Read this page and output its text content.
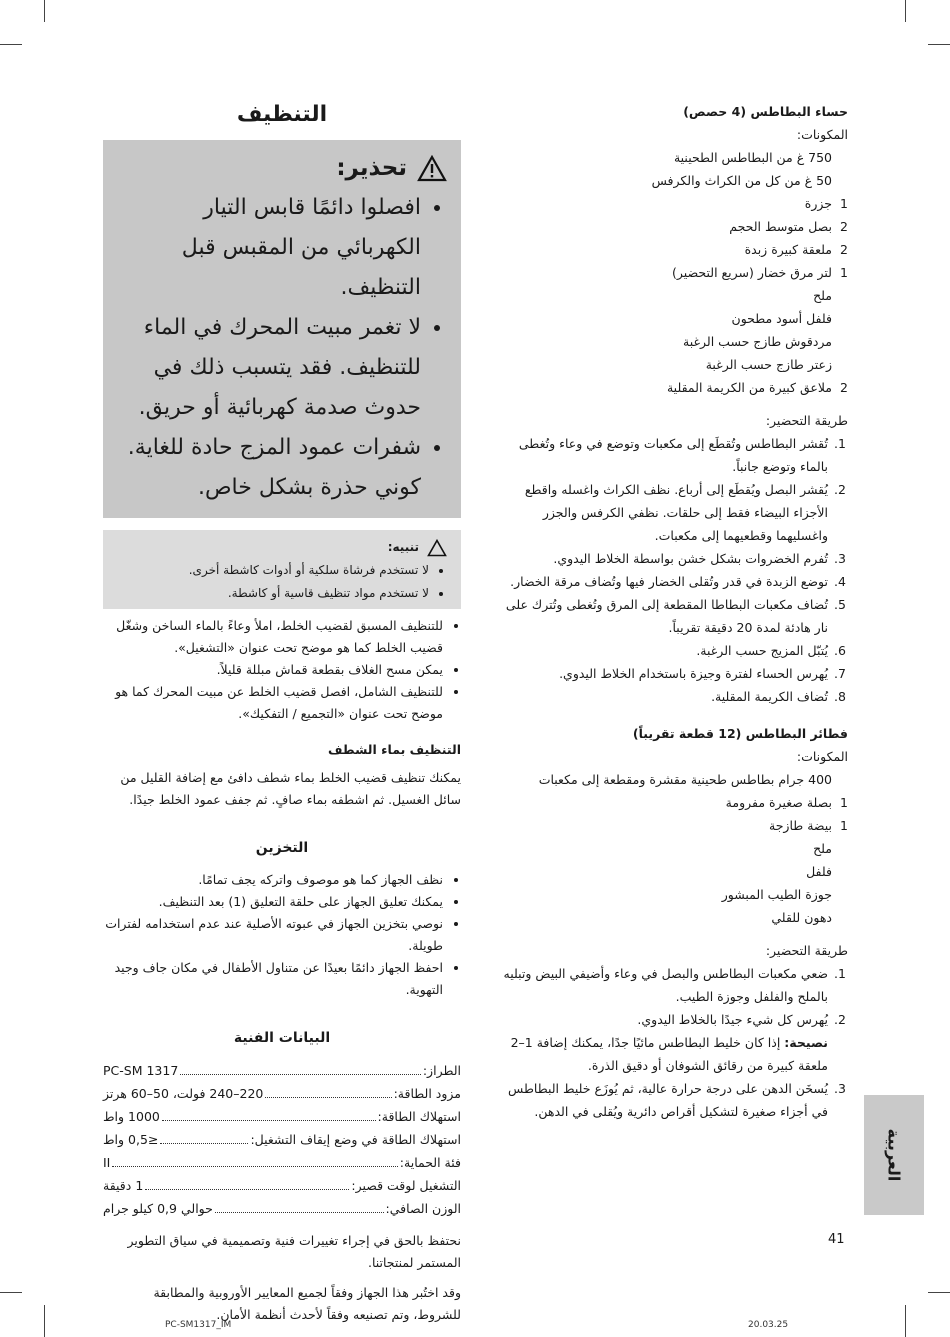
حساء البطاطس (4 حصص)

المكونات:

750 غ من البطاطس الطحينية
50 غ من كل من الكراث والكرفس
1
جزرة
2
بصل متوسط الحجم
2
ملعقة كبيرة زبدة
1
لتر مرق خضار (سريع التحضير)
ملح
فلفل أسود مطحون
مردقوش طازج حسب الرغبة
زعتر طازج حسب الرغبة
2
ملاعق كبيرة من الكريمة المقلية

طريقة التحضير:

1. تُقشر البطاطس وتُقطَع إلى مكعبات وتوضع في وعاء وتُغطى بالماء وتوضع جانباً.
2. يُقشر البصل ويُقطَع إلى أرباع. نظف الكراث واغسله واقطع الأجزاء البيضاء فقط إلى حلقات. نظفي الكرفس والجزر واغسليهما وقطعيهما إلى مكعبات.
3. تُفرم الخضروات بشكل خشن بواسطة الخلاط اليدوي.
4. توضع الزبدة في قدر وتُقلى الخضار فيها وتُضاف مرقة الخضار.
5. تُضاف مكعبات البطاطا المقطعة إلى المرق وتُغطى وتُترك على نار هادئة لمدة 20 دقيقة تقريباً.
6. يُتبّل المزيج حسب الرغبة.
7. يُهرس الحساء لفترة وجيزة باستخدام الخلاط اليدوي.
8. تُضاف الكريمة المقلية.

فطائر البطاطس (12 قطعة تقريباً)

المكونات:

400 جرام بطاطس طحينية مقشرة ومقطعة إلى مكعبات
1
بصلة صغيرة مفرومة
1
بيضة طازجة
ملح
فلفل
جوزة الطيب المبشور
دهون للقلي

طريقة التحضير:

1. ضعي مكعبات البطاطس والبصل في وعاء وأضيفي البيض وتبليه بالملح والفلفل وجوزة الطيب.
2. يُهرس كل شيء جيدًا بالخلاط اليدوي.
نصيحة: إذا كان خليط البطاطس مائيًا جدًا، يمكنك إضافة 1–2 ملعقة كبيرة من رقائق الشوفان أو دقيق الذرة.
3. يُسخَن الدهن على درجة حرارة عالية، ثم يُوزَع خليط البطاطس في أجزاء صغيرة لتشكيل أقراص دائرية ويُقلى في الدهن.
التنظيف
تحذير:
• افصلوا دائمًا قابس التيار الكهربائي من المقبس قبل التنظيف.
• لا تغمر مبيت المحرك في الماء للتنظيف. فقد يتسبب ذلك في حدوث صدمة كهربائية أو حريق.
• شفرات عمود المزج حادة للغاية. كوني حذرة بشكل خاص.
تنبيه:
• لا تستخدم فرشاة سلكية أو أدوات كاشطة أخرى.
• لا تستخدم مواد تنظيف قاسية أو كاشطة.
• للتنظيف المسبق لقضيب الخلط، املأ وعاءً بالماء الساخن وشغّل قضيب الخلط كما هو موضح تحت عنوان «التشغيل».
• يمكن مسح الغلاف بقطعة قماش مبللة قليلاً.
• للتنظيف الشامل، افصل قضيب الخلط عن مبيت المحرك كما هو موضح تحت عنوان «التجميع / التفكيك».

التنظيف بماء الشطف

يمكنك تنظيف قضيب الخلط بماء شطف دافئ مع إضافة القليل من سائل الغسيل. ثم اشطفه بماء صافٍ. ثم جفف عمود الخلط جيدًا.

التخزين
• نظف الجهاز كما هو موصوف واتركه يجف تمامًا.
• يمكنك تعليق الجهاز على حلقة التعليق (1) بعد التنظيف.
• نوصي بتخزين الجهاز في عبوته الأصلية عند عدم استخدامه لفترات طويلة.
• احفظ الجهاز دائمًا بعيدًا عن متناول الأطفال في مكان جاف وجيد التهوية.
البيانات الفنية
الطراز:
PC-SM 1317
مزود الطاقة:
220–240 فولت، 50–60 هرتز
استهلاك الطاقة:
1000 واط
استهلاك الطاقة في وضع إيقاف التشغيل:
≤0,5 واط
فئة الحماية:
II
التشغيل لوقت قصير:
1 دقيقة
الوزن الصافي:
حوالي 0,9 كيلو جرام

نحتفظ بالحق في إجراء تغييرات فنية وتصميمية في سياق التطوير المستمر لمنتجاتنا.

وقد اختُبر هذا الجهاز وفقاً لجميع المعايير الأوروبية والمطابقة للشروط، وتم تصنيعه وفقاً لأحدث أنظمة الأمان.

العربية
41
PC-SM1317_IM	20.03.25
